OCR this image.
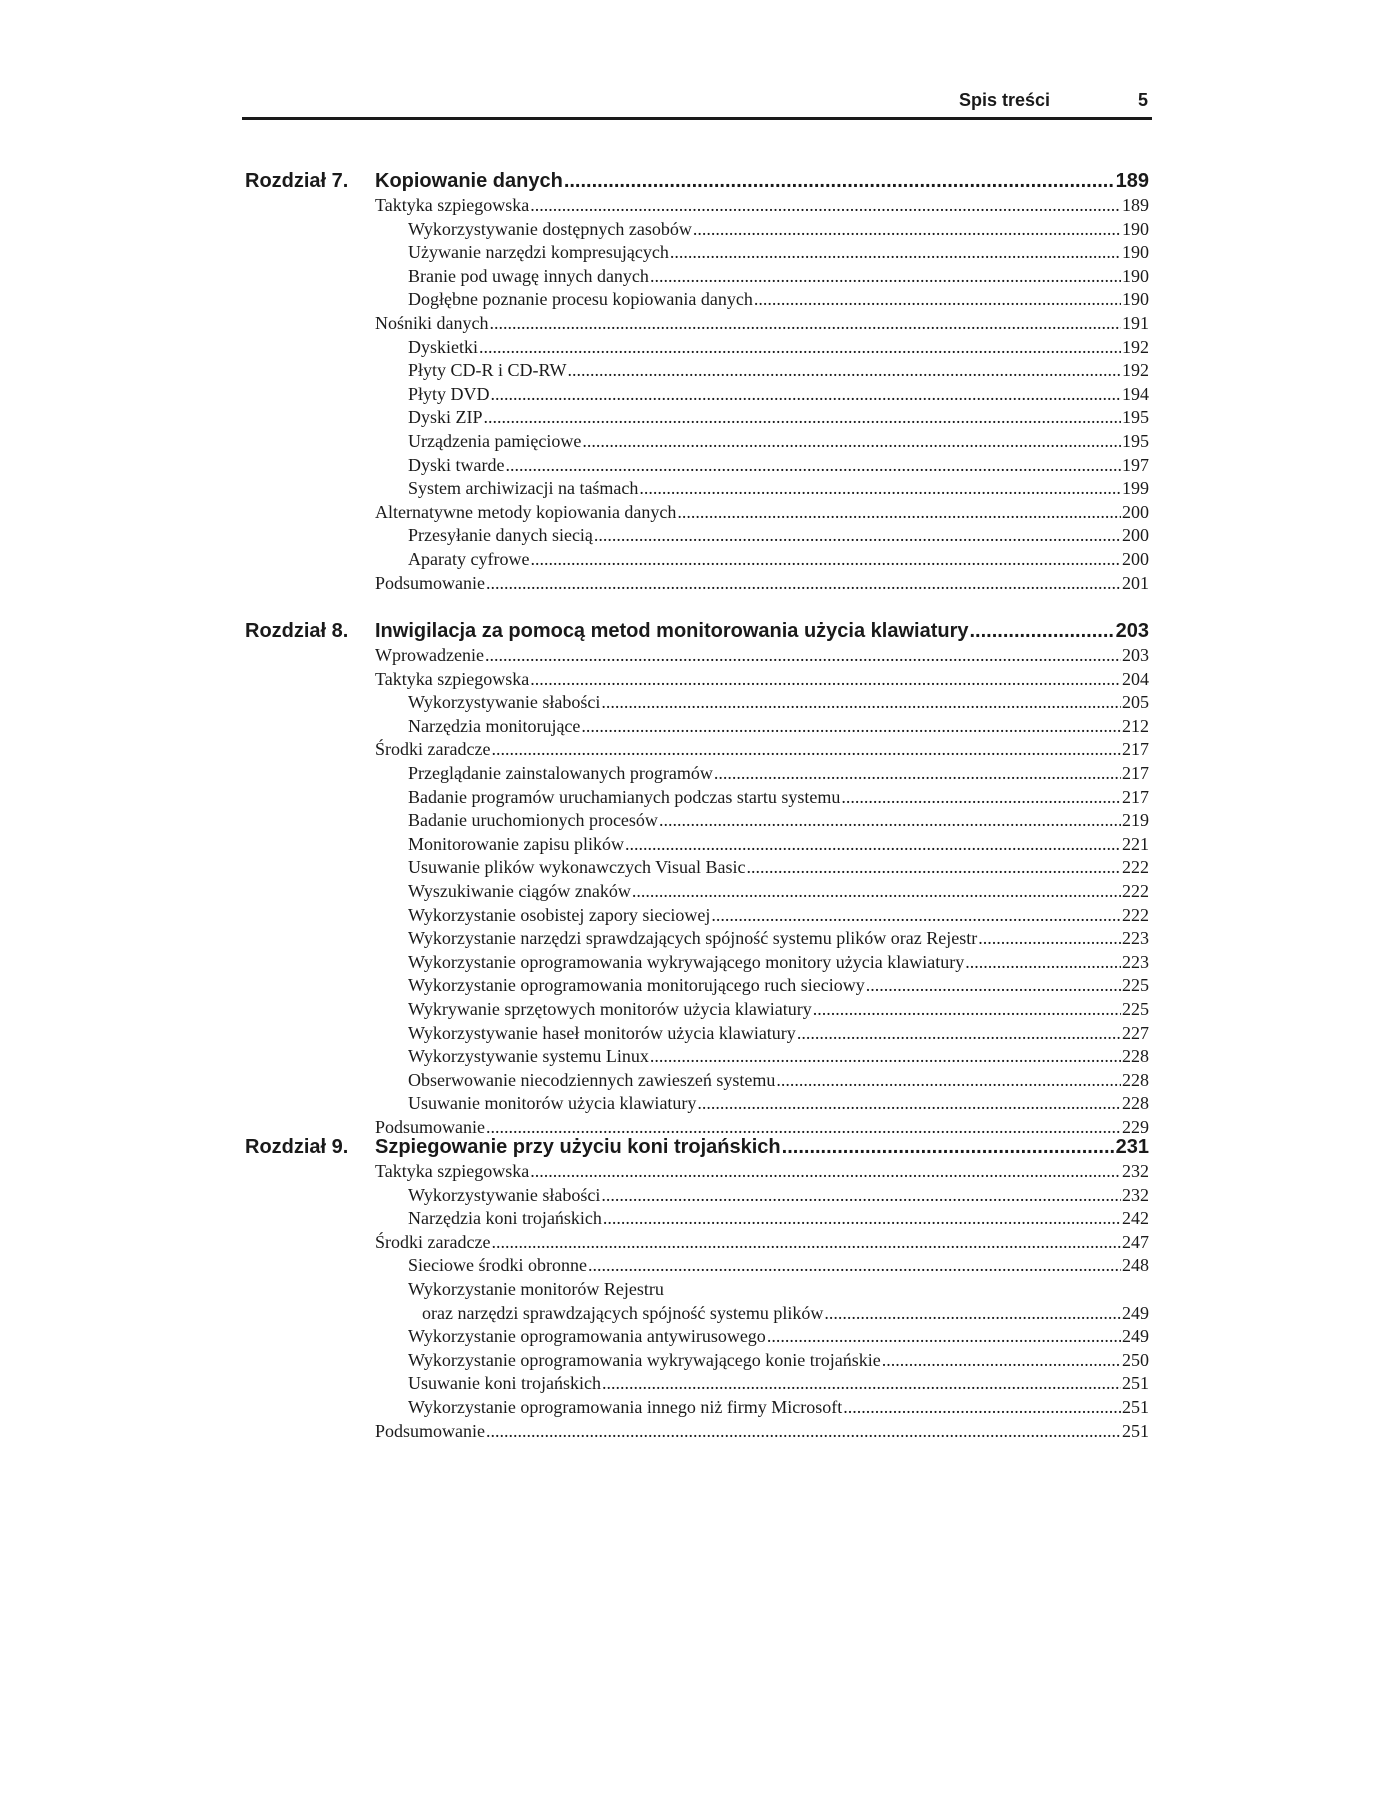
Spis treści	5
Rozdział 7. Kopiowanie danych .....	189
Taktyka szpiegowska .....	189
Wykorzystywanie dostępnych zasobów .....	190
Używanie narzędzi kompresujących .....	190
Branie pod uwagę innych danych .....	190
Dogłębne poznanie procesu kopiowania danych .....	190
Nośniki danych .....	191
Dyskietki .....	192
Płyty CD-R i CD-RW .....	192
Płyty DVD .....	194
Dyski ZIP .....	195
Urządzenia pamięciowe .....	195
Dyski twarde .....	197
System archiwizacji na taśmach .....	199
Alternatywne metody kopiowania danych .....	200
Przesyłanie danych siecią .....	200
Aparaty cyfrowe .....	200
Podsumowanie .....	201
Rozdział 8. Inwigilacja za pomocą metod monitorowania użycia klawiatury .....	203
Wprowadzenie .....	203
Taktyka szpiegowska .....	204
Wykorzystywanie słabości .....	205
Narzędzia monitorujące .....	212
Środki zaradcze .....	217
Przeglądanie zainstalowanych programów .....	217
Badanie programów uruchamianych podczas startu systemu .....	217
Badanie uruchomionych procesów .....	219
Monitorowanie zapisu plików .....	221
Usuwanie plików wykonawczych Visual Basic .....	222
Wyszukiwanie ciągów znaków .....	222
Wykorzystanie osobistej zapory sieciowej .....	222
Wykorzystanie narzędzi sprawdzających spójność systemu plików oraz Rejestr .....	223
Wykorzystanie oprogramowania wykrywającego monitory użycia klawiatury .....	223
Wykorzystanie oprogramowania monitorującego ruch sieciowy .....	225
Wykrywanie sprzętowych monitorów użycia klawiatury .....	225
Wykorzystywanie haseł monitorów użycia klawiatury .....	227
Wykorzystywanie systemu Linux .....	228
Obserwowanie niecodziennych zawieszeń systemu .....	228
Usuwanie monitorów użycia klawiatury .....	228
Podsumowanie .....	229
Rozdział 9. Szpiegowanie przy użyciu koni trojańskich .....	231
Taktyka szpiegowska .....	232
Wykorzystywanie słabości .....	232
Narzędzia koni trojańskich .....	242
Środki zaradcze .....	247
Sieciowe środki obronne .....	248
Wykorzystanie monitorów Rejestru
oraz narzędzi sprawdzających spójność systemu plików .....	249
Wykorzystanie oprogramowania antywirusowego .....	249
Wykorzystanie oprogramowania wykrywającego konie trojańskie .....	250
Usuwanie koni trojańskich .....	251
Wykorzystanie oprogramowania innego niż firmy Microsoft .....	251
Podsumowanie .....	251
